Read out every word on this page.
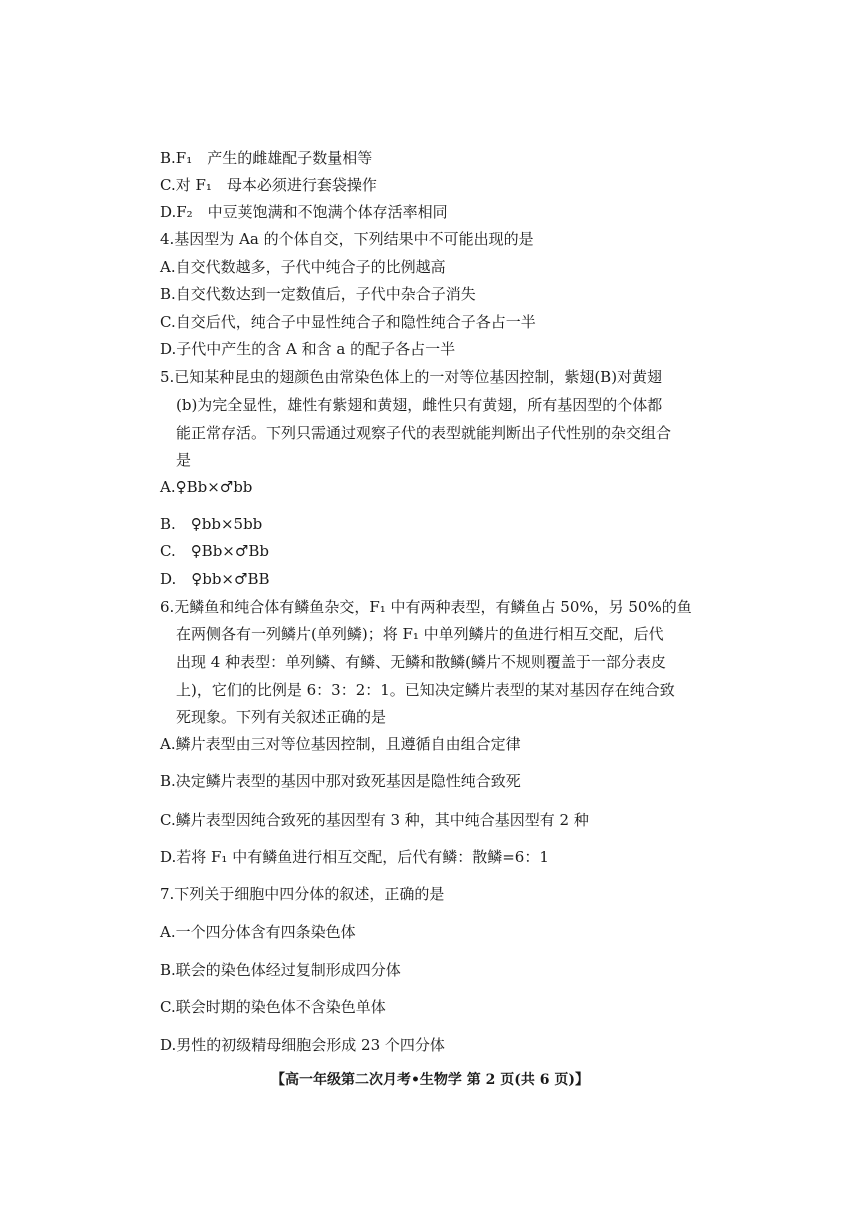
B.F₁　产生的雌雄配子数量相等
C.对 F₁　母本必须进行套袋操作
D.F₂　中豆荚饱满和不饱满个体存活率相同
4.基因型为 Aa 的个体自交，下列结果中不可能出现的是
A.自交代数越多，子代中纯合子的比例越高
B.自交代数达到一定数值后，子代中杂合子消失
C.自交后代，纯合子中显性纯合子和隐性纯合子各占一半
D.子代中产生的含 A 和含 a 的配子各占一半
5.已知某种昆虫的翅颜色由常染色体上的一对等位基因控制，紫翅(B)对黄翅
(b)为完全显性，雄性有紫翅和黄翅，雌性只有黄翅，所有基因型的个体都
能正常存活。下列只需通过观察子代的表型就能判断出子代性别的杂交组合
是
A.♀Bb×♂bb
B.　♀bb×5bb
C.　♀Bb×♂Bb
D.　♀bb×♂BB
6.无鳞鱼和纯合体有鳞鱼杂交，F₁ 中有两种表型，有鳞鱼占 50%，另 50%的鱼
在两侧各有一列鳞片(单列鳞)；将 F₁ 中单列鳞片的鱼进行相互交配，后代
出现 4 种表型：单列鳞、有鳞、无鳞和散鳞(鳞片不规则覆盖于一部分表皮
上)，它们的比例是 6：3：2：1。已知决定鳞片表型的某对基因存在纯合致
死现象。下列有关叙述正确的是
A.鳞片表型由三对等位基因控制，且遵循自由组合定律
B.决定鳞片表型的基因中那对致死基因是隐性纯合致死
C.鳞片表型因纯合致死的基因型有 3 种，其中纯合基因型有 2 种
D.若将 F₁ 中有鳞鱼进行相互交配，后代有鳞：散鳞=6：1
7.下列关于细胞中四分体的叙述，正确的是
A.一个四分体含有四条染色体
B.联会的染色体经过复制形成四分体
C.联会时期的染色体不含染色单体
D.男性的初级精母细胞会形成 23 个四分体
【高一年级第二次月考•生物学 第 2 页(共 6 页)】
